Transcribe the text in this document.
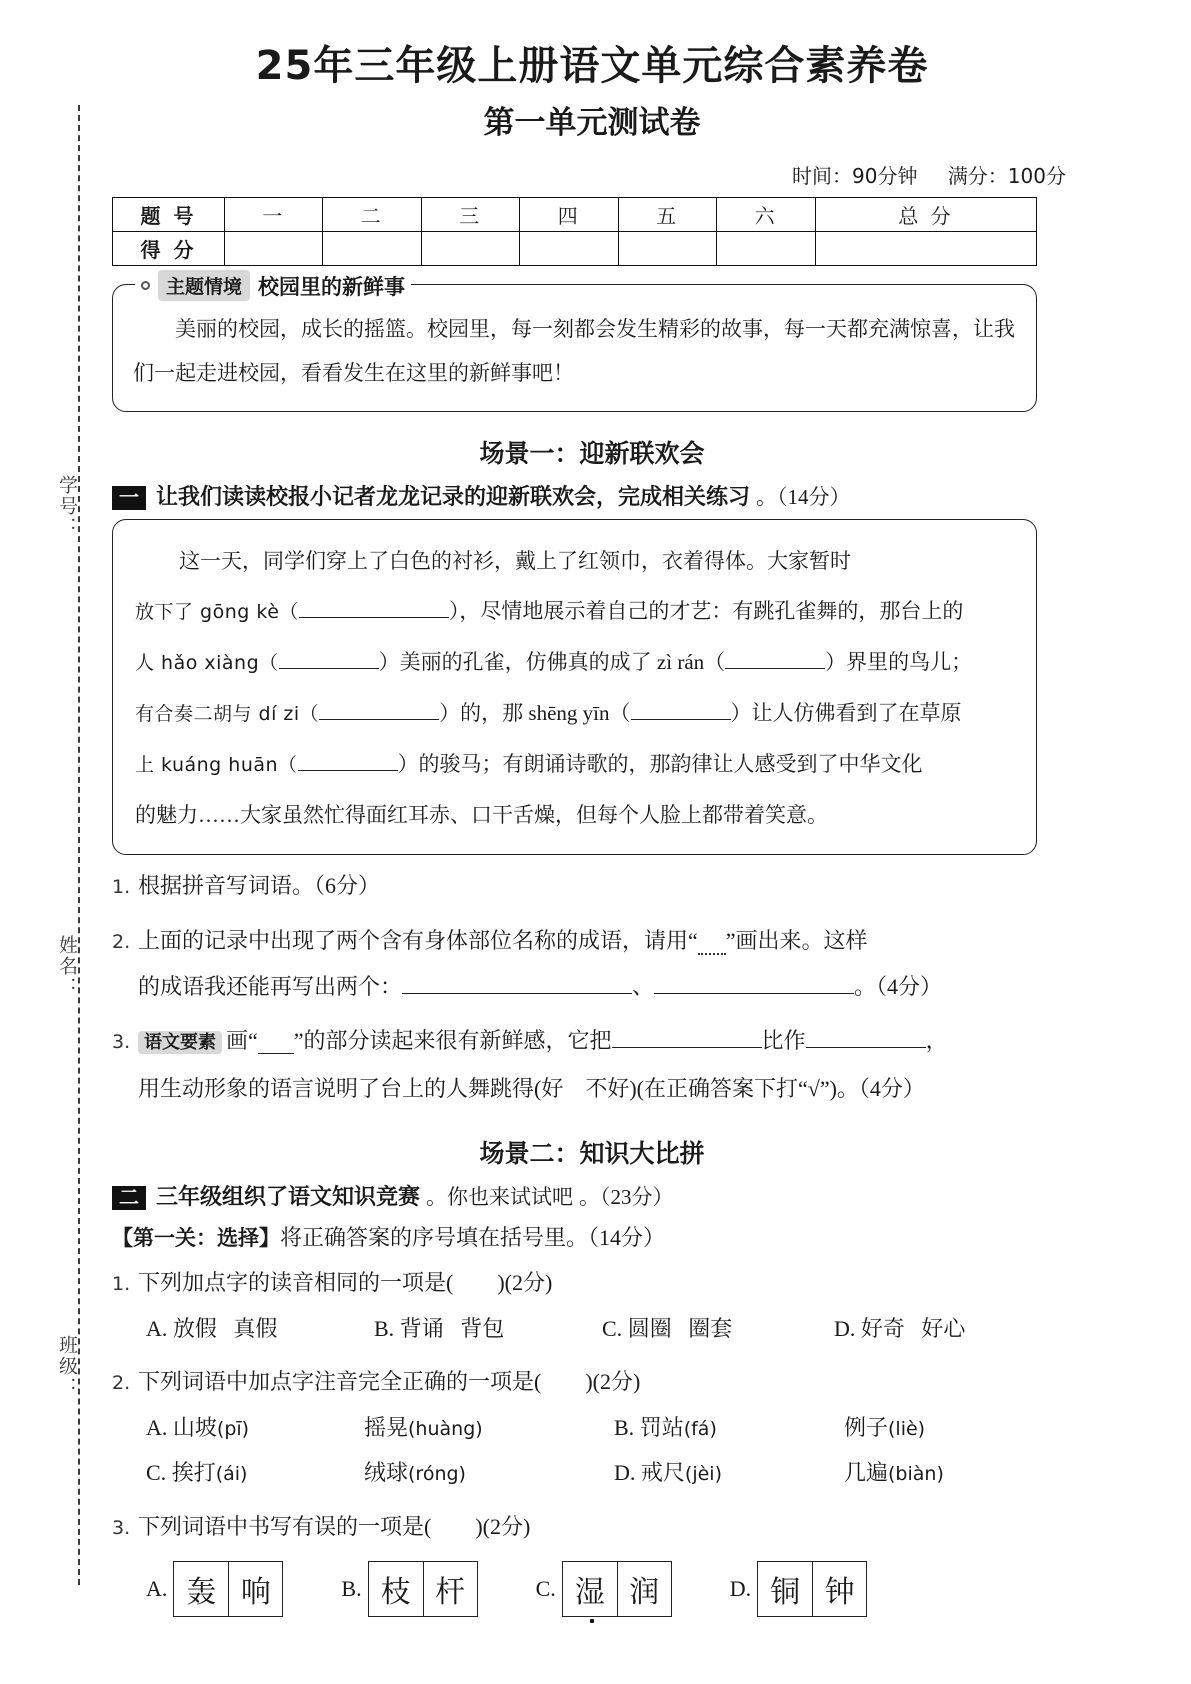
学号：
姓名：
班级：
25年三年级上册语文单元综合素养卷
第一单元测试卷
时间：90分钟 满分：100分
题 号	一	二	三	四	五	六	总 分
得 分							
主题情境 校园里的新鲜事
美丽的校园，成长的摇篮。校园里，每一刻都会发生精彩的故事，每一天都充满惊喜，让我们一起走进校园，看看发生在这里的新鲜事吧！
场景一：迎新联欢会
一 让我们读读校报小记者龙龙记录的迎新联欢会，完成相关练习 。（14分）

这一天，同学们穿上了白色的衬衫，戴上了红领巾，衣着得体。大家暂时

放下了 gōng kè（	），尽情地展示着自己的才艺：有跳孔雀舞的，那台上的

人 hǎo xiàng（	）美丽的孔雀，仿佛真的成了 zì rán（	）界里的鸟儿；

有合奏二胡与 dí zi（	）的，那 shēng yīn（	）让人仿佛看到了在草原

上 kuáng huān（	）的骏马；有朗诵诗歌的，那韵律让人感受到了中华文化

的魅力……大家虽然忙得面红耳赤、口干舌燥，但每个人脸上都带着笑意。

1. 根据拼音写词语。（6分）
2. 上面的记录中出现了两个含有身体部位名称的成语，请用“ ”画出来。这样
的成语我还能再写出两个：	、	。（4分）
3. 语文要素 画“ ”的部分读起来很有新鲜感，它把	比作	，
用生动形象的语言说明了台上的人舞跳得(好　不好)(在正确答案下打“√”)。（4分）
场景二：知识大比拼
二 三年级组织了语文知识竞赛 。你也来试试吧 。（23分）
【第一关：选择】将正确答案的序号填在括号里。（14分）
1. 下列加点字的读音相同的一项是(　　)(2分)
A. 放假 真假	B. 背诵 背包	C. 圆圈 圈套	D. 好奇 好心
2. 下列词语中加点字注音完全正确的一项是(　　)(2分)
A. 山坡(pī)	摇晃(huàng)	B. 罚站(fá)	例子(liè)
C. 挨打(ái)	绒球(róng)	D. 戒尺(jèi)	几遍(biàn)
3. 下列词语中书写有误的一项是(　　)(2分)
A. 轰 响	B. 枝 杆	C. 湿 润	D. 铜 钟
